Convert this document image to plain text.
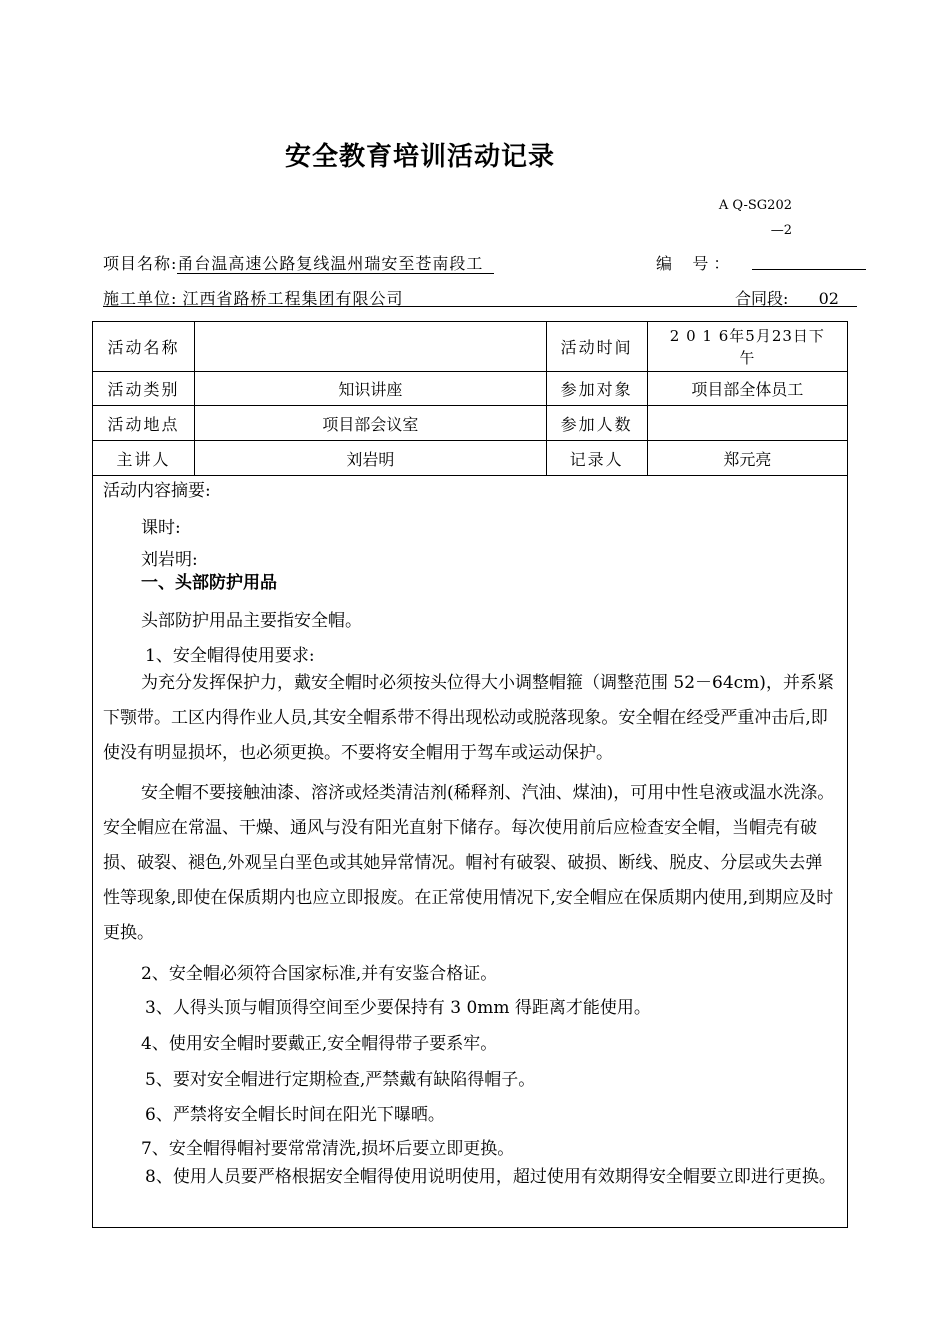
安全教育培训活动记录
A Q-SG202
—2
项目名称:甬台温高速公路复线温州瑞安至苍南段工	编    号 ：
施工单位: 江西省路桥工程集团有限公司	合同段: 02
活动名称		活动时间	2 0 1 6年5月23日下
午

活动类别	知识讲座	参加对象	项目部全体员工
活动地点	项目部会议室	参加人数	
主讲人	刘岩明	记录人	郑元亮

活动内容摘要:

课时:

刘岩明:

一、头部防护用品

头部防护用品主要指安全帽。

1、安全帽得使用要求:

为充分发挥保护力，戴安全帽时必须按头位得大小调整帽箍（调整范围 52－64cm)，并系紧下颚带。工区内得作业人员,其安全帽系带不得出现松动或脱落现象。安全帽在经受严重冲击后,即使没有明显损坏，也必须更换。不要将安全帽用于驾车或运动保护。

安全帽不要接触油漆、溶济或烃类清洁剂(稀释剂、汽油、煤油)，可用中性皂液或温水洗涤。安全帽应在常温、干燥、通风与没有阳光直射下储存。每次使用前后应检查安全帽，当帽壳有破损、破裂、褪色,外观呈白垩色或其她异常情况。帽衬有破裂、破损、断线、脱皮、分层或失去弹性等现象,即使在保质期内也应立即报废。在正常使用情况下,安全帽应在保质期内使用,到期应及时更换。

2、安全帽必须符合国家标准,并有安鉴合格证。

3、人得头顶与帽顶得空间至少要保持有 3 0mm 得距离才能使用。

4、使用安全帽时要戴正,安全帽得带子要系牢。

5、要对安全帽进行定期检查,严禁戴有缺陷得帽子。

6、严禁将安全帽长时间在阳光下曝晒。

7、安全帽得帽衬要常常清洗,损坏后要立即更换。

8、使用人员要严格根据安全帽得使用说明使用，超过使用有效期得安全帽要立即进行更换。
